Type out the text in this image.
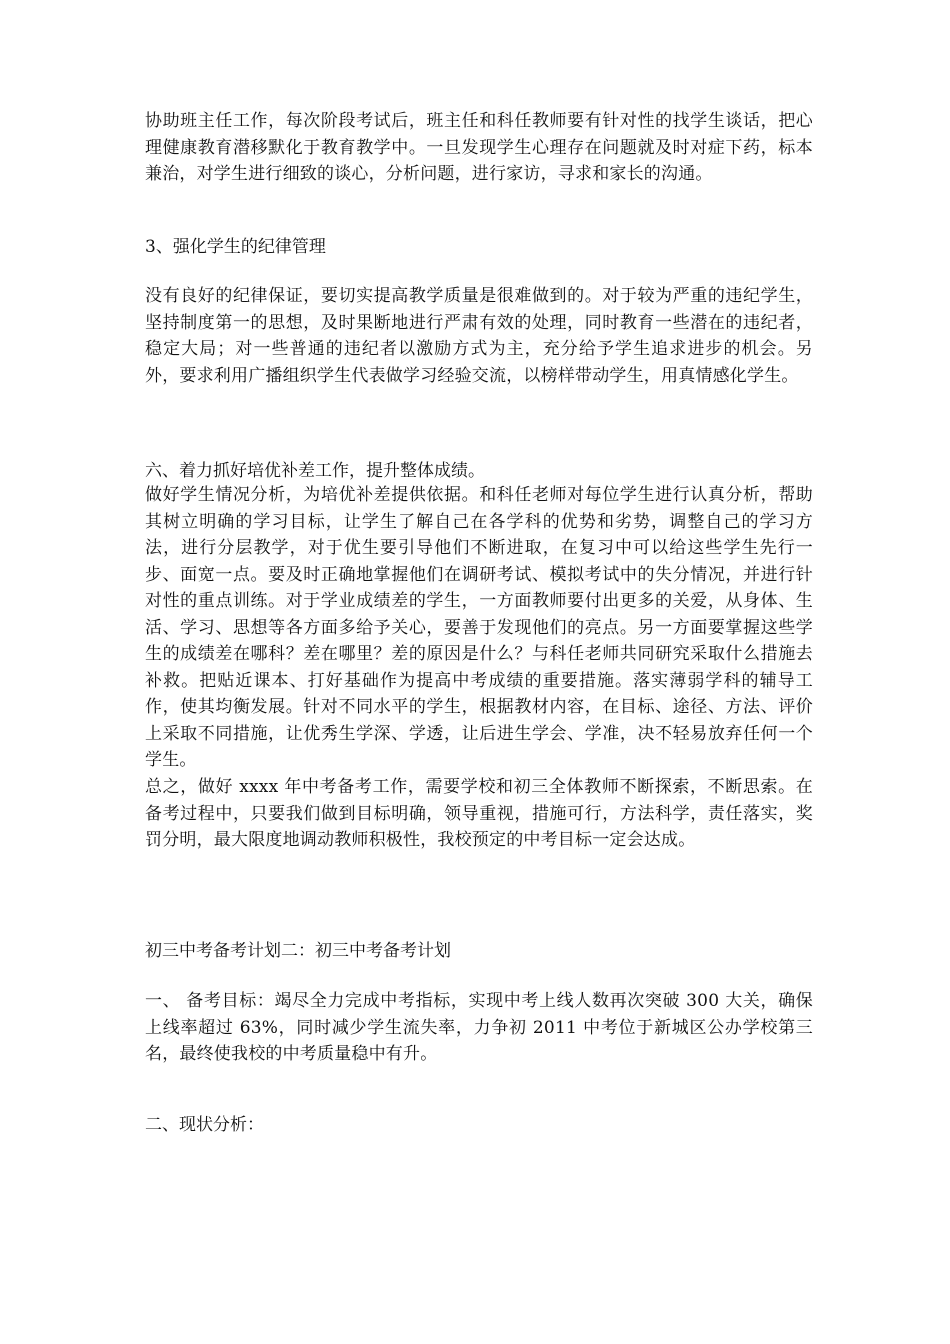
协助班主任工作，每次阶段考试后，班主任和科任教师要有针对性的找学生谈话，把心理健康教育潜移默化于教育教学中。一旦发现学生心理存在问题就及时对症下药，标本兼治，对学生进行细致的谈心，分析问题，进行家访，寻求和家长的沟通。

3、强化学生的纪律管理

没有良好的纪律保证，要切实提高教学质量是很难做到的。对于较为严重的违纪学生，坚持制度第一的思想，及时果断地进行严肃有效的处理，同时教育一些潜在的违纪者，稳定大局；对一些普通的违纪者以激励方式为主，充分给予学生追求进步的机会。另外，要求利用广播组织学生代表做学习经验交流，以榜样带动学生，用真情感化学生。

六、着力抓好培优补差工作，提升整体成绩。

做好学生情况分析，为培优补差提供依据。和科任老师对每位学生进行认真分析，帮助其树立明确的学习目标，让学生了解自己在各学科的优势和劣势，调整自己的学习方法，进行分层教学，对于优生要引导他们不断进取，在复习中可以给这些学生先行一步、面宽一点。要及时正确地掌握他们在调研考试、模拟考试中的失分情况，并进行针对性的重点训练。对于学业成绩差的学生，一方面教师要付出更多的关爱，从身体、生活、学习、思想等各方面多给予关心，要善于发现他们的亮点。另一方面要掌握这些学生的成绩差在哪科？差在哪里？差的原因是什么？与科任老师共同研究采取什么措施去补救。把贴近课本、打好基础作为提高中考成绩的重要措施。落实薄弱学科的辅导工作，使其均衡发展。针对不同水平的学生，根据教材内容，在目标、途径、方法、评价上采取不同措施，让优秀生学深、学透，让后进生学会、学准，决不轻易放弃任何一个学生。

总之，做好 xxxx 年中考备考工作，需要学校和初三全体教师不断探索，不断思索。在备考过程中，只要我们做到目标明确，领导重视，措施可行，方法科学，责任落实，奖罚分明，最大限度地调动教师积极性，我校预定的中考目标一定会达成。

初三中考备考计划二：初三中考备考计划

一、 备考目标：竭尽全力完成中考指标，实现中考上线人数再次突破 300 大关，确保上线率超过 63%，同时减少学生流失率，力争初 2011 中考位于新城区公办学校第三名，最终使我校的中考质量稳中有升。

二、现状分析：
